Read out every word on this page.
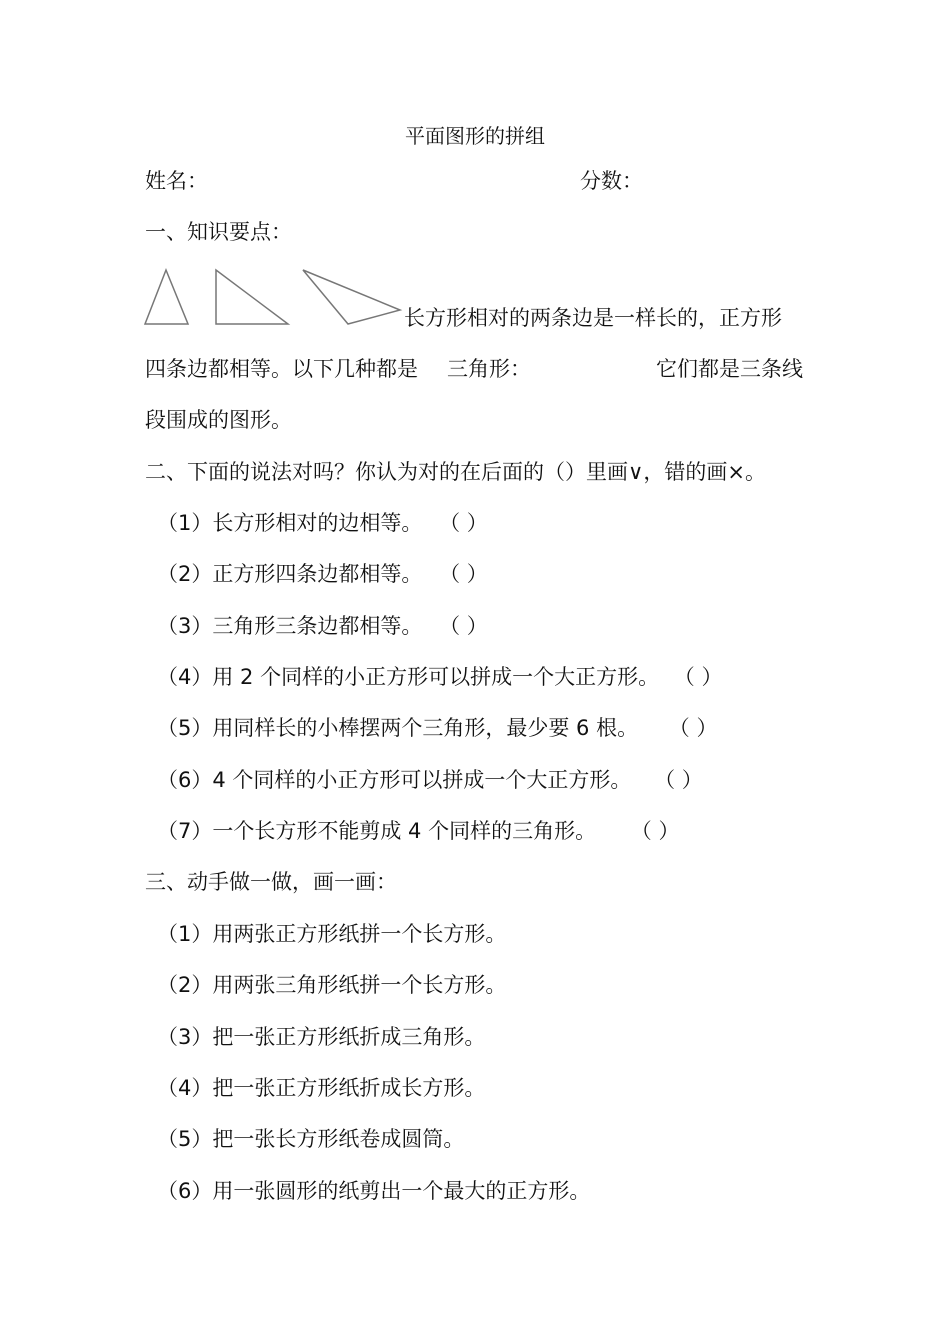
平面图形的拼组
姓名：	分数：
一、知识要点：
长方形相对的两条边是一样长的，正方形
四条边都相等。以下几种都是 三角形：	它们都是三条线
段围成的图形。
二、下面的说法对吗？你认为对的在后面的（）里画∨，错的画×。
（1）长方形相对的边相等。 （ ）
（2）正方形四条边都相等。 （ ）
（3）三角形三条边都相等。 （ ）
（4）用 2 个同样的小正方形可以拼成一个大正方形。 （ ）
（5）用同样长的小棒摆两个三角形，最少要 6 根。 （ ）
（6）4 个同样的小正方形可以拼成一个大正方形。 （ ）
（7）一个长方形不能剪成 4 个同样的三角形。 （ ）
三、动手做一做，画一画：
（1）用两张正方形纸拼一个长方形。
（2）用两张三角形纸拼一个长方形。
（3）把一张正方形纸折成三角形。
（4）把一张正方形纸折成长方形。
（5）把一张长方形纸卷成圆筒。
（6）用一张圆形的纸剪出一个最大的正方形。
